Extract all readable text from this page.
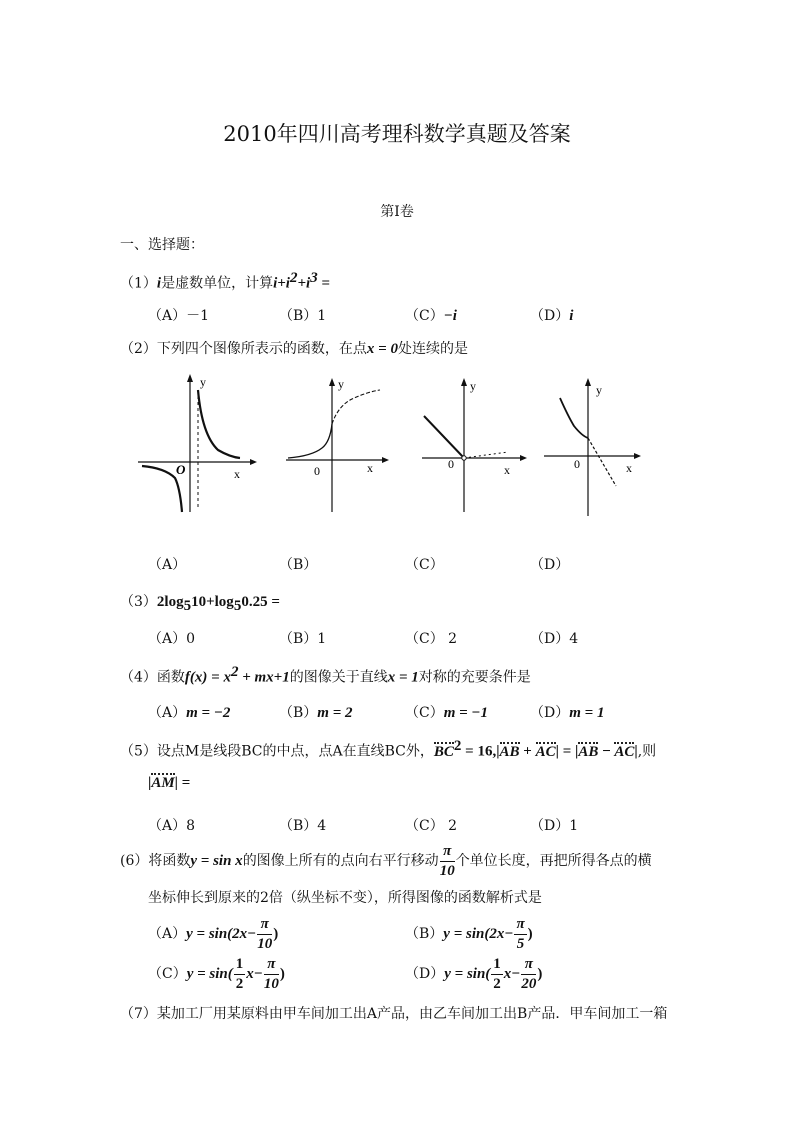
2010年四川高考理科数学真题及答案
第I卷
一、选择题：
（1）i是虚数单位，计算$i+i^2+i^3$ =
（A）－1	（B）1	（C）−i	（D）i
（2）下列四个图像所表示的函数，在点x = 0处连续的是
y
x
O
y
x
0
y
x
0
y
x
0
（A）	（B）	（C）	（D）
$(3)2\log_510+\log_50.25$ =
（A）0	（B）1	（C） 2	（D）4
（4）函数$f(x) = x^2 + mx+1$的图像关于直线x = 1对称的充要条件是
（A）m = −2	（B）m = 2	（C）m = −1	（D）m = 1
（5）设点M是线段BC的中点，点A在直线BC外，$BC^2 = 16,|AB + AC| = |AB - AC|$,则
|AM| =
（A）8	（B）4	（C） 2	（D）1
(6）将函数y = sin x的图像上所有的点向右平行移动 $\frac{\pi}{10}$ 个单位长度，再把所得各点的横
坐标伸长到原来的2倍（纵坐标不变），所得图像的函数解析式是
$(A)y = \sin(2x- \frac{\pi}{10}$ )	$(B)y = \sin(2x- \frac{\pi}{5}$ )
$(C)y = \sin( \frac{1}{2} x- \frac{\pi}{10}$ )	$(D)y = \sin( \frac{1}{2} x- \frac{\pi}{20}$ )
（7）某加工厂用某原料由甲车间加工出A产品，由乙车间加工出B产品．甲车间加工一箱
